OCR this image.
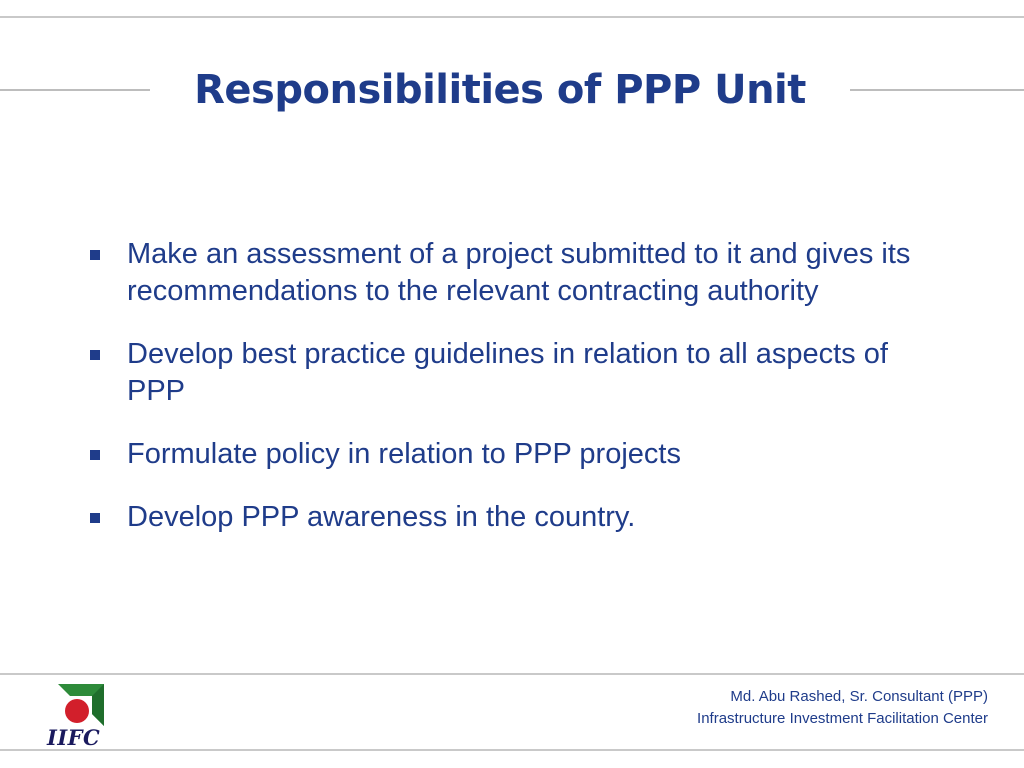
Responsibilities of PPP Unit
Make an assessment of a project submitted to it and gives its recommendations to the relevant contracting authority
Develop best practice guidelines in relation to all aspects of PPP
Formulate policy in relation to PPP projects
Develop PPP awareness in the country.
IIFC
Md. Abu Rashed, Sr. Consultant (PPP)
Infrastructure Investment Facilitation Center
